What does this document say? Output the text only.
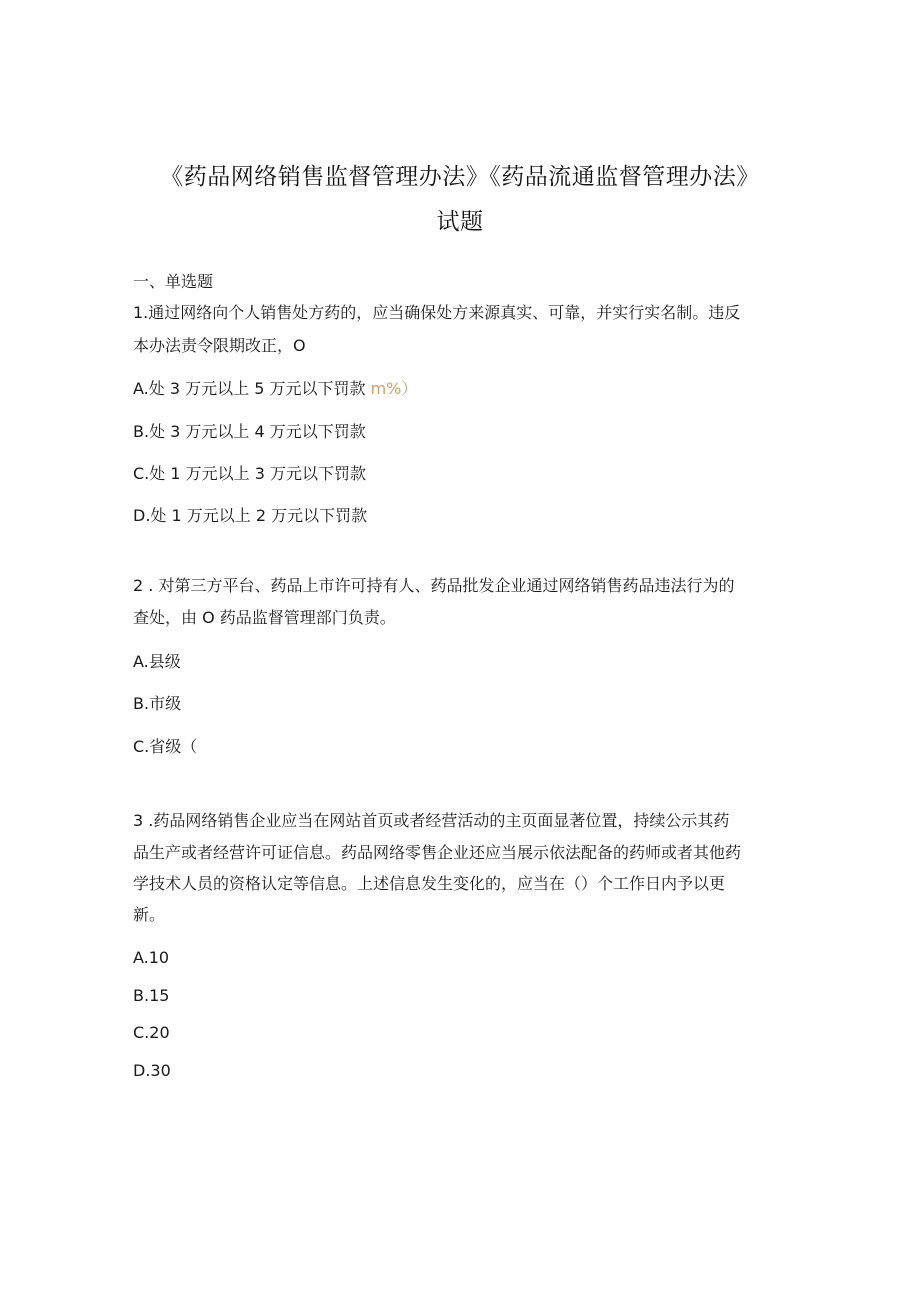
《药品网络销售监督管理办法》《药品流通监督管理办法》
试题
一、单选题
1.通过网络向个人销售处方药的，应当确保处方来源真实、可靠，并实行实名制。违反
本办法责令限期改正，O
A.处 3 万元以上 5 万元以下罚款 m%）
B.处 3 万元以上 4 万元以下罚款
C.处 1 万元以上 3 万元以下罚款
D.处 1 万元以上 2 万元以下罚款
2 . 对第三方平台、药品上市许可持有人、药品批发企业通过网络销售药品违法行为的
查处，由 O 药品监督管理部门负责。
A.县级
B.市级
C.省级（
3 .药品网络销售企业应当在网站首页或者经营活动的主页面显著位置，持续公示其药
品生产或者经营许可证信息。药品网络零售企业还应当展示依法配备的药师或者其他药
学技术人员的资格认定等信息。上述信息发生变化的，应当在（）个工作日内予以更
新。
A.10
B.15
C.20
D.30
